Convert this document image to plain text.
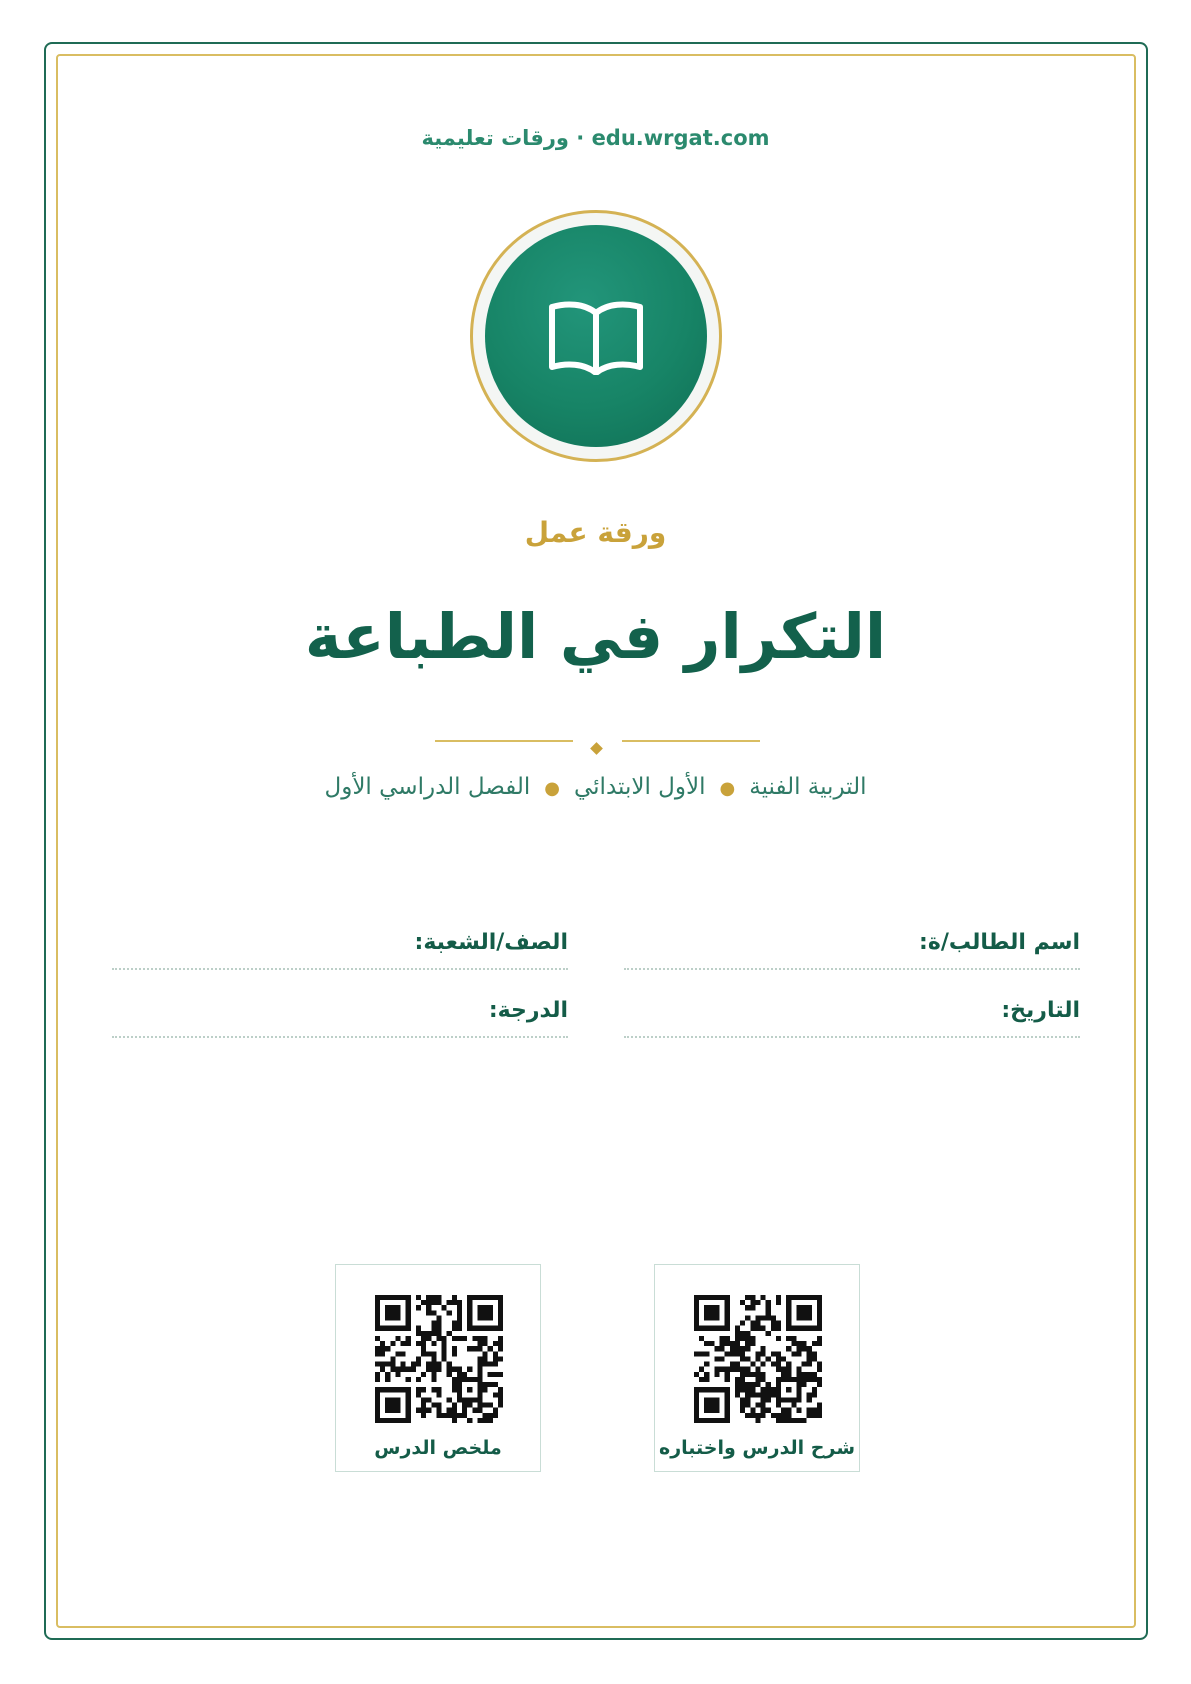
edu.wrgat.com · ورقات تعليمية
ورقة عمل
التكرار في الطباعة
التربية الفنية●الأول الابتدائي●الفصل الدراسي الأول
اسم الطالب/ة:
الصف/الشعبة:
التاريخ:
الدرجة:
شرح الدرس واختباره
ملخص الدرس
